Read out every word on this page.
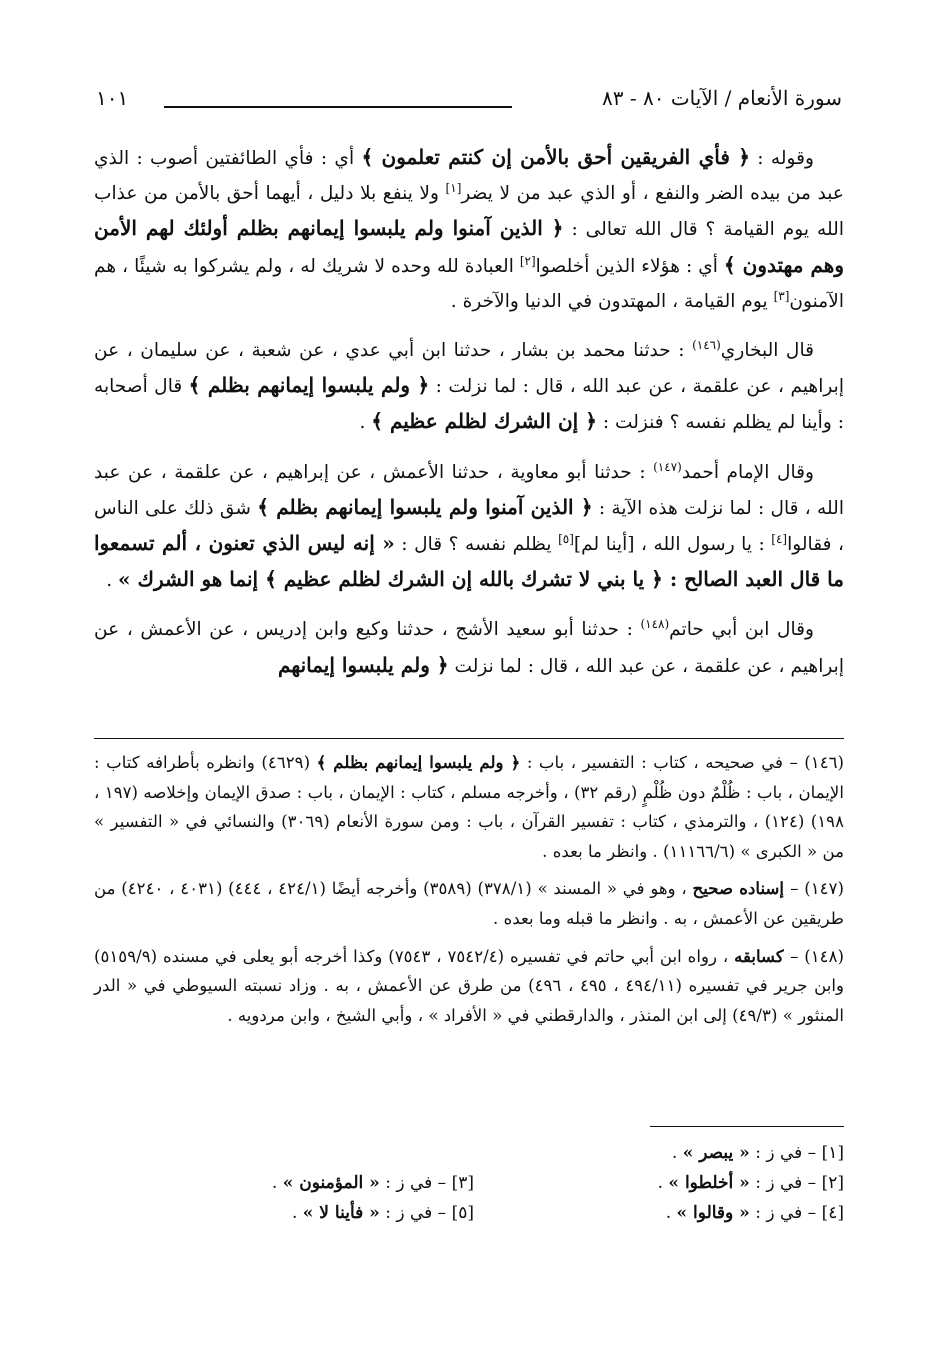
سورة الأنعام / الآيات ٨٠ - ٨٣
١٠١

وقوله : ﴿ فأي الفريقين أحق بالأمن إن كنتم تعلمون ﴾ أي : فأي الطائفتين أصوب : الذي عبد من بيده الضر والنفع ، أو الذي عبد من لا يضر[١] ولا ينفع بلا دليل ، أيهما أحق بالأمن من عذاب الله يوم القيامة ؟ قال الله تعالى : ﴿ الذين آمنوا ولم يلبسوا إيمانهم بظلم أولئك لهم الأمن وهم مهتدون ﴾ أي : هؤلاء الذين أخلصوا[٢] العبادة لله وحده لا شريك له ، ولم يشركوا به شيئًا ، هم الآمنون[٣] يوم القيامة ، المهتدون في الدنيا والآخرة .

قال البخاري$^{(١٤٦)}$ : حدثنا محمد بن بشار ، حدثنا ابن أبي عدي ، عن شعبة ، عن سليمان ، عن إبراهيم ، عن علقمة ، عن عبد الله ، قال : لما نزلت : ﴿ ولم يلبسوا إيمانهم بظلم ﴾ قال أصحابه : وأينا لم يظلم نفسه ؟ فنزلت : ﴿ إن الشرك لظلم عظيم ﴾ .

وقال الإمام أحمد$^{(١٤٧)}$ : حدثنا أبو معاوية ، حدثنا الأعمش ، عن إبراهيم ، عن علقمة ، عن عبد الله ، قال : لما نزلت هذه الآية : ﴿ الذين آمنوا ولم يلبسوا إيمانهم بظلم ﴾ شق ذلك على الناس ، فقالوا[٤] : يا رسول الله ، [أينا لم][٥] يظلم نفسه ؟ قال : « إنه ليس الذي تعنون ، ألم تسمعوا ما قال العبد الصالح : ﴿ يا بني لا تشرك بالله إن الشرك لظلم عظيم ﴾ إنما هو الشرك » .

وقال ابن أبي حاتم$^{(١٤٨)}$ : حدثنا أبو سعيد الأشج ، حدثنا وكيع وابن إدريس ، عن الأعمش ، عن إبراهيم ، عن علقمة ، عن عبد الله ، قال : لما نزلت ﴿ ولم يلبسوا إيمانهم

(١٤٦) – في صحيحه ، كتاب : التفسير ، باب : ﴿ ولم يلبسوا إيمانهم بظلم ﴾ (٤٦٢٩) وانظره بأطرافه كتاب : الإيمان ، باب : ظُلْمٌ دون ظُلْمٍ (رقم ٣٢) ، وأخرجه مسلم ، كتاب : الإيمان ، باب : صدق الإيمان وإخلاصه (١٩٧ ، ١٩٨) (١٢٤) ، والترمذي ، كتاب : تفسير القرآن ، باب : ومن سورة الأنعام (٣٠٦٩) والنسائي في « التفسير » من « الكبرى » (١١١٦٦/٦) . وانظر ما بعده .
(١٤٧) – إسناده صحيح ، وهو في « المسند » (٣٧٨/١) (٣٥٨٩) وأخرجه أيضًا (٤٢٤/١ ، ٤٤٤) (٤٠٣١ ، ٤٢٤٠) من طريقين عن الأعمش ، به . وانظر ما قبله وما بعده .
(١٤٨) – كسابقه ، رواه ابن أبي حاتم في تفسيره (٧٥٤٢/٤ ، ٧٥٤٣) وكذا أخرجه أبو يعلى في مسنده (٥١٥٩/٩) وابن جرير في تفسيره (٤٩٤/١١ ، ٤٩٥ ، ٤٩٦) من طرق عن الأعمش ، به . وزاد نسبته السيوطي في « الدر المنثور » (٤٩/٣) إلى ابن المنذر ، والدارقطني في « الأفراد » ، وأبي الشيخ ، وابن مردويه .
[١] – في ز : « يبصر » .
[٢] – في ز : « أخلطوا » .
[٣] – في ز : « المؤمنون » .
[٤] – في ز : « وقالوا » .
[٥] – في ز : « فأينا لا » .
